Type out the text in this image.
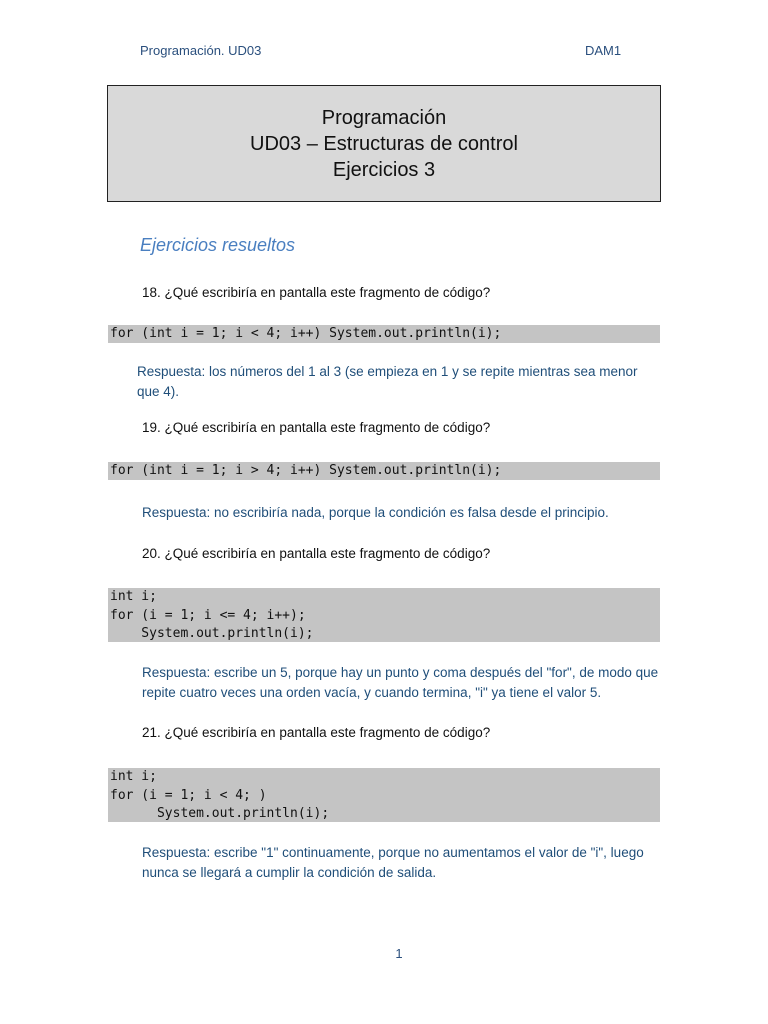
Programación. UD03	DAM1
Programación
UD03 – Estructuras de control
Ejercicios 3
Ejercicios resueltos
18. ¿Qué escribiría en pantalla este fragmento de código?
for (int i = 1; i < 4; i++) System.out.println(i);
Respuesta: los números del 1 al 3 (se empieza en 1 y se repite mientras sea menor que 4).
19. ¿Qué escribiría en pantalla este fragmento de código?
for (int i = 1; i > 4; i++) System.out.println(i);
Respuesta: no escribiría nada, porque la condición es falsa desde el principio.
20. ¿Qué escribiría en pantalla este fragmento de código?
int i;
for (i = 1; i <= 4; i++);
System.out.println(i);
Respuesta: escribe un 5, porque hay un punto y coma después del "for", de modo que repite cuatro veces una orden vacía, y cuando termina, "i" ya tiene el valor 5.
21. ¿Qué escribiría en pantalla este fragmento de código?
int i;
for (i = 1; i < 4; )
System.out.println(i);
Respuesta: escribe "1" continuamente, porque no aumentamos el valor de "i", luego nunca se llegará a cumplir la condición de salida.
1
